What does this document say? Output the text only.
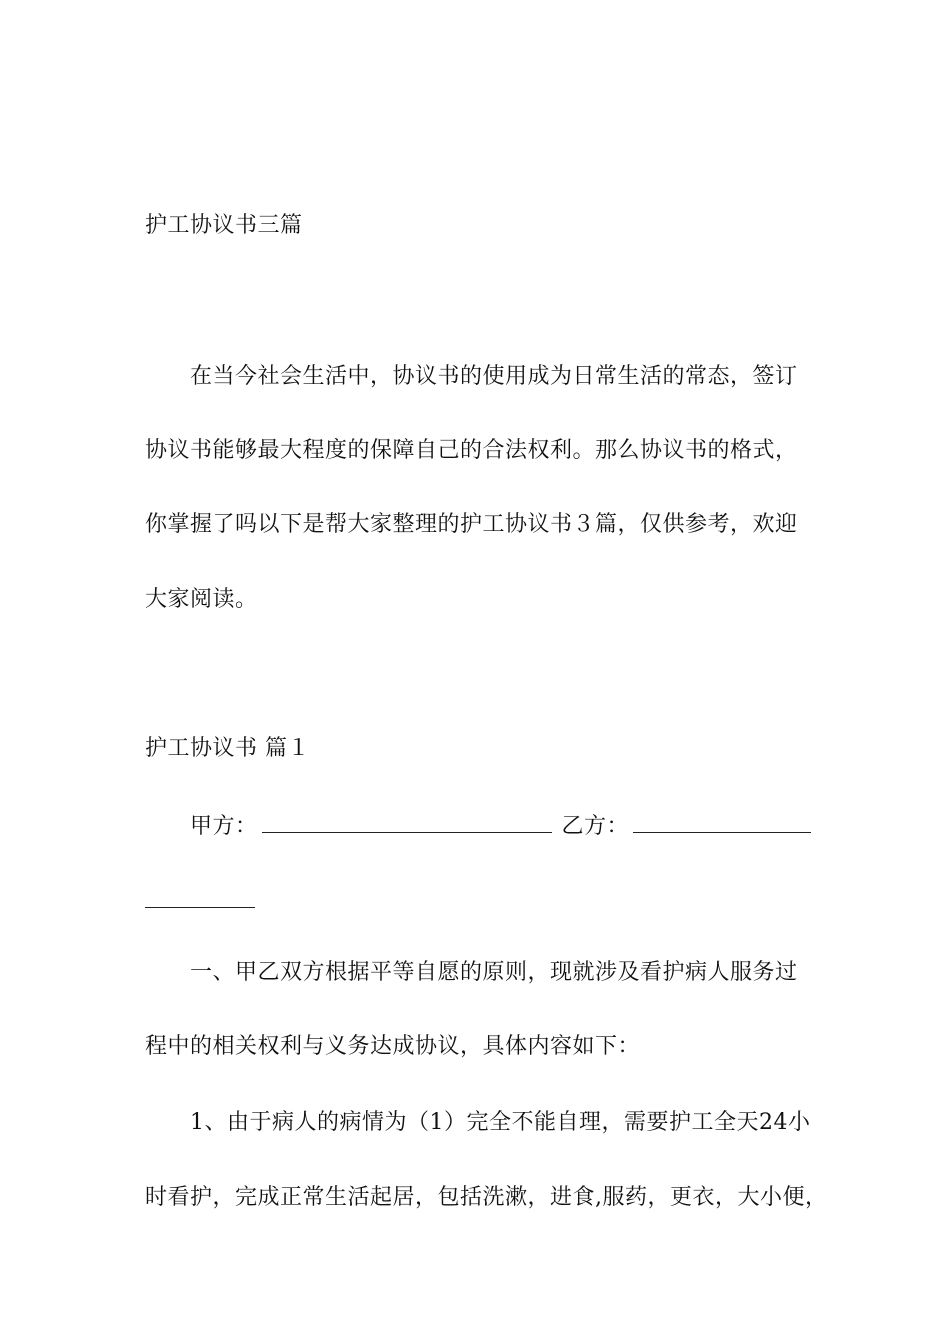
护工协议书三篇
在当今社会生活中，协议书的使用成为日常生活的常态，签订
协议书能够最大程度的保障自己的合法权利。那么协议书的格式，
你掌握了吗以下是帮大家整理的护工协议书３篇，仅供参考，欢迎
大家阅读。
护工协议书 篇１
甲方：	乙方：
一、甲乙双方根据平等自愿的原则，现就涉及看护病人服务过
程中的相关权利与义务达成协议，具体内容如下：
1、由于病人的病情为（1）完全不能自理，需要护工全天24小
时看护，完成正常生活起居，包括洗漱，进食,服药，更衣，大小便，
